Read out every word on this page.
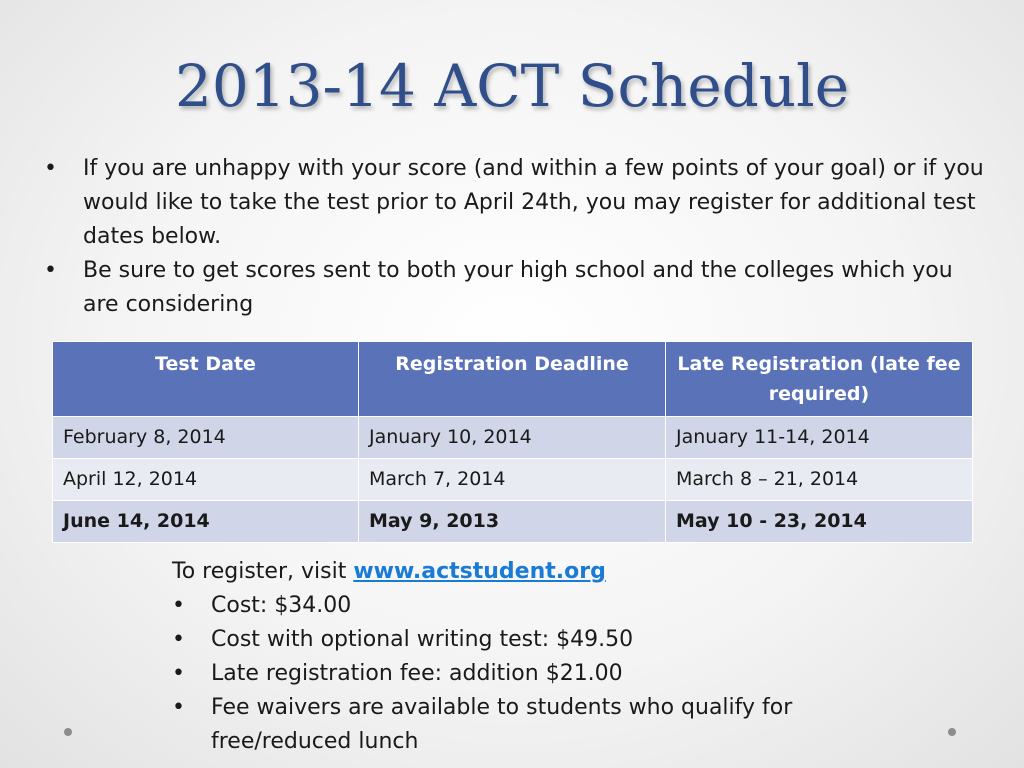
2013-14 ACT Schedule
• If you are unhappy with your score (and within a few points of your goal) or if you would like to take the test prior to April 24th, you may register for additional test dates below.
• Be sure to get scores sent to both your high school and the colleges which you are considering
Test Date	Registration Deadline	Late Registration (late fee required)
February 8, 2014	January 10, 2014	January 11-14, 2014
April 12, 2014	March 7, 2014	March 8 – 21, 2014
June 14, 2014	May 9, 2013	May 10 - 23, 2014
To register, visit www.actstudent.org
• Cost: $34.00
• Cost with optional writing test: $49.50
• Late registration fee: addition $21.00
• Fee waivers are available to students who qualify for free/reduced lunch
